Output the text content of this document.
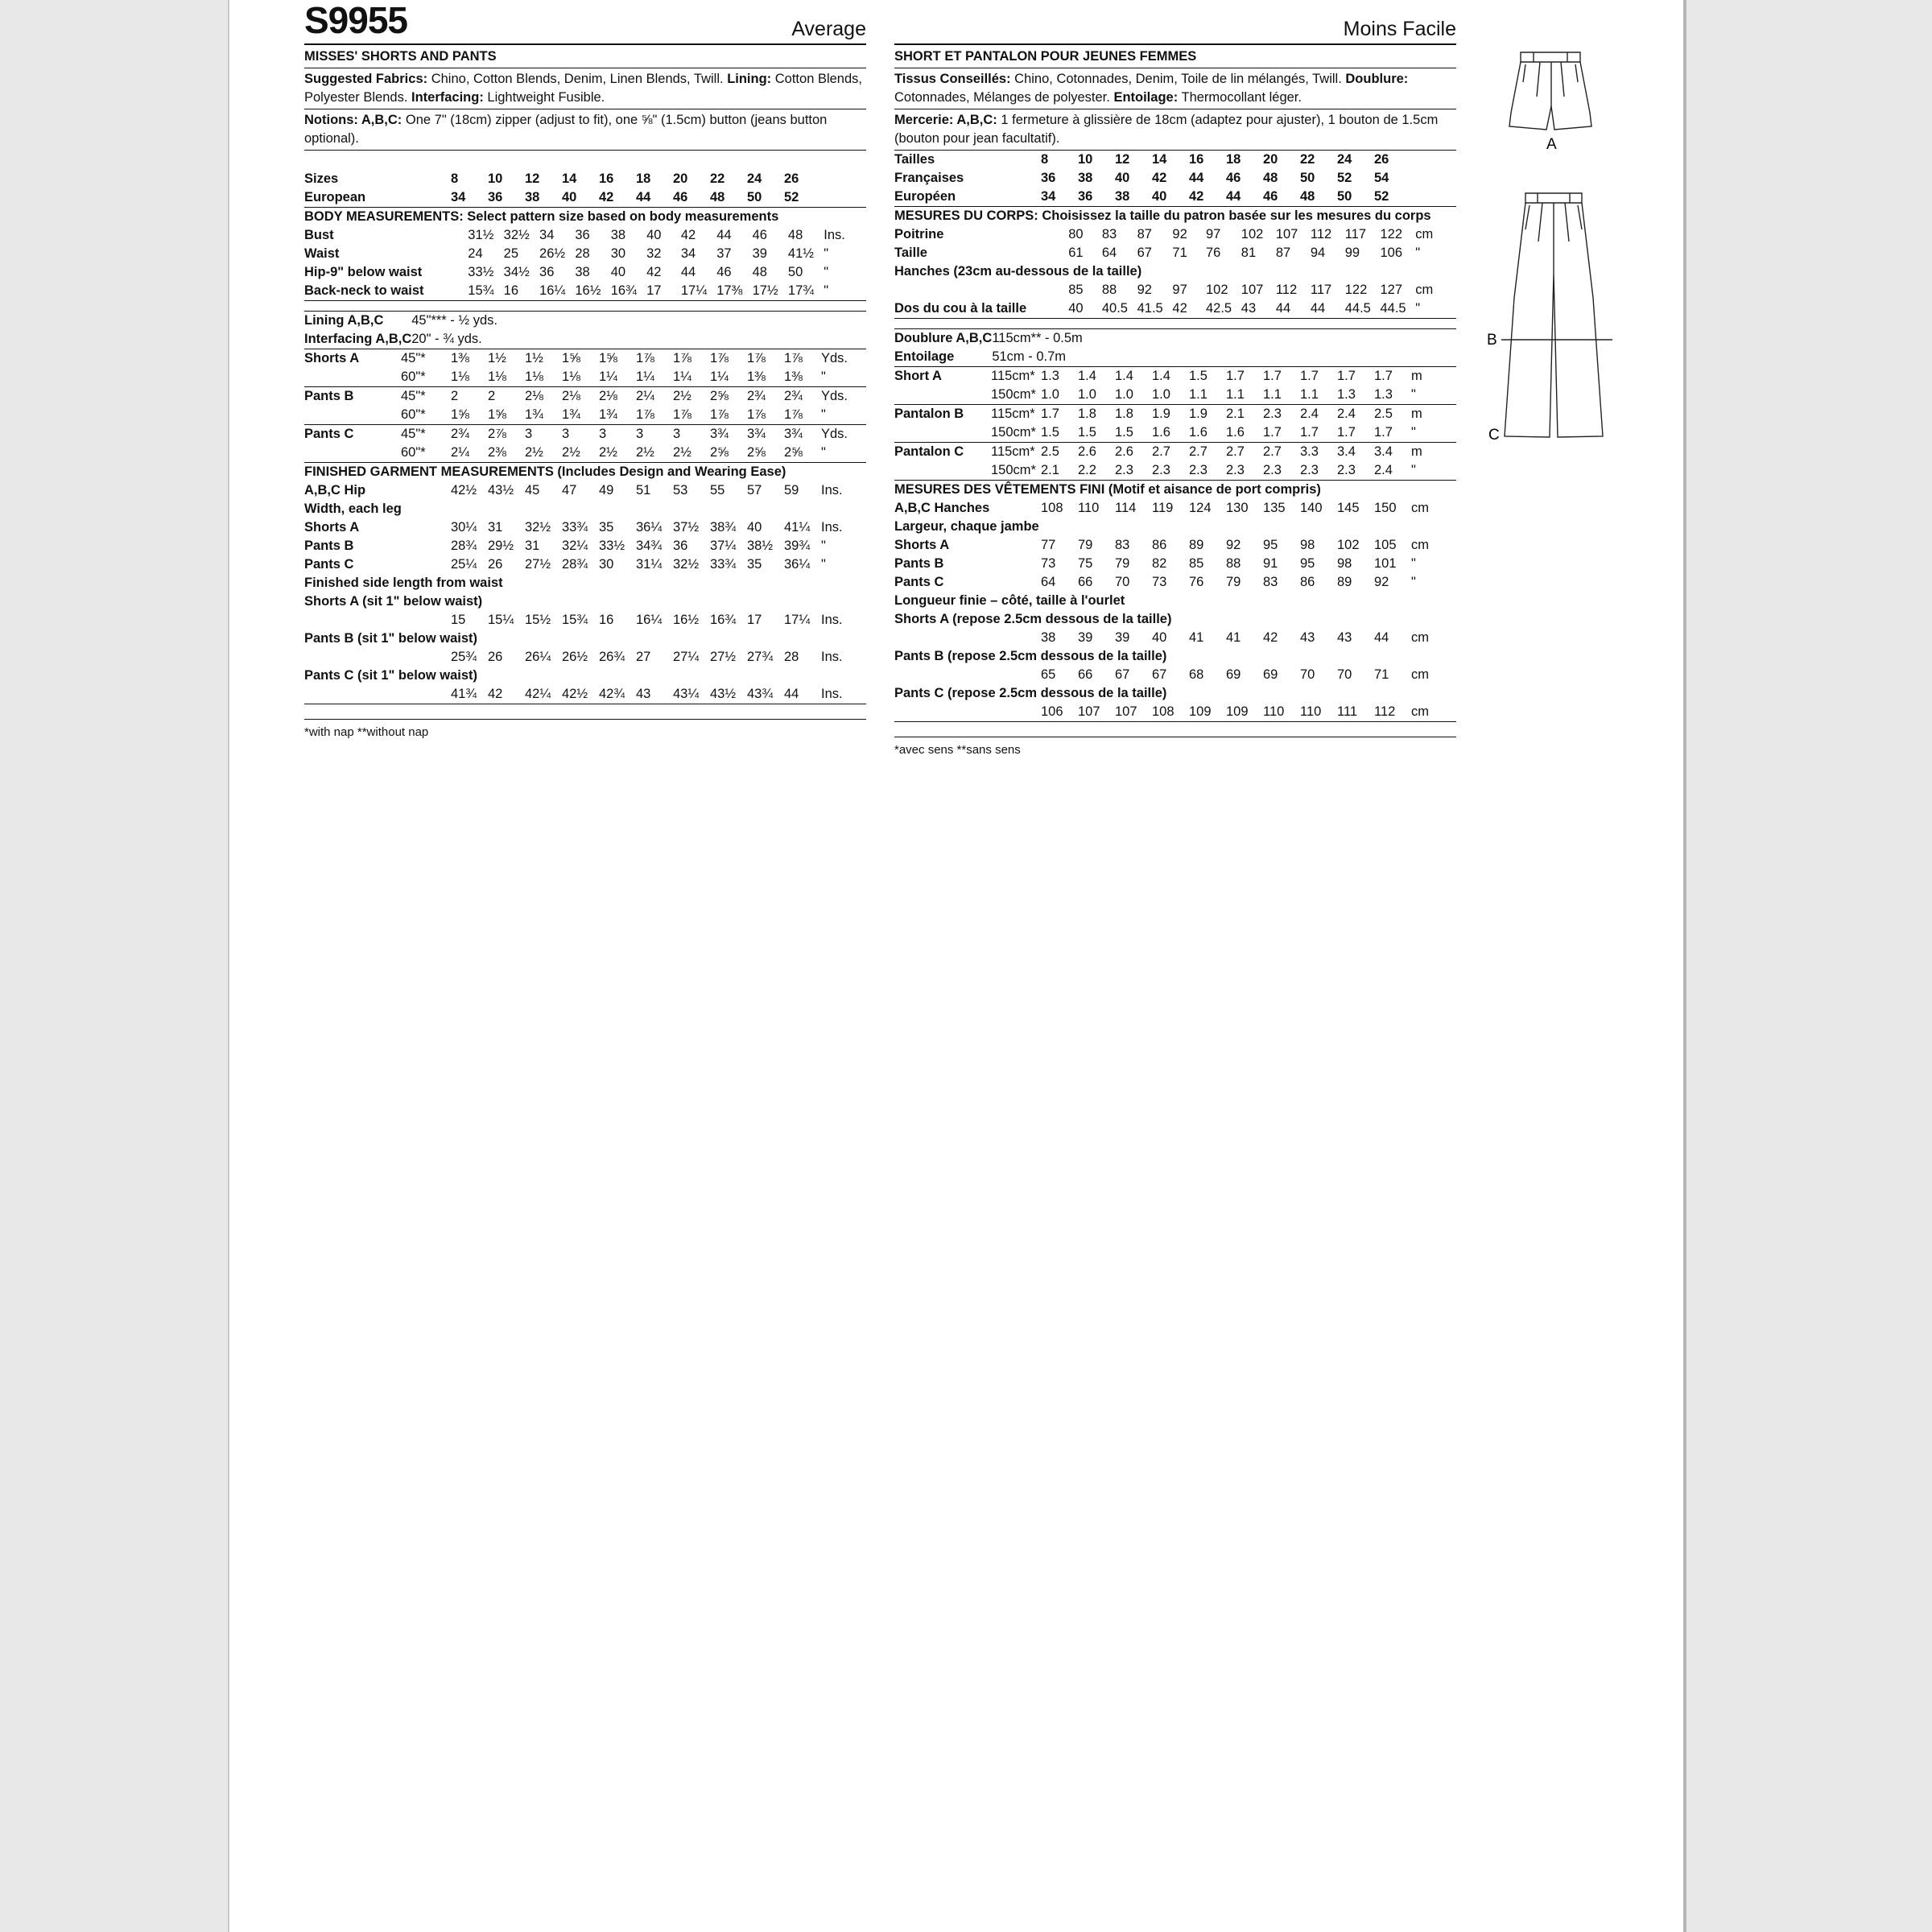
S9955	Average
MISSES' SHORTS AND PANTS
Suggested Fabrics: Chino, Cotton Blends, Denim, Linen Blends, Twill. Lining: Cotton Blends, Polyester Blends. Interfacing: Lightweight Fusible.
Notions: A,B,C: One 7" (18cm) zipper (adjust to fit), one ⅝" (1.5cm) button (jeans button optional).
Sizes		8	10	12	14	16	18	20	22	24	26	
European		34	36	38	40	42	44	46	48	50	52	
BODY MEASUREMENTS: Select pattern size based on body measurements												
Bust		31½	32½	34	36	38	40	42	44	46	48	Ins.
Waist		24	25	26½	28	30	32	34	37	39	41½	"
Hip-9" below waist		33½	34½	36	38	40	42	44	46	48	50	"
Back-neck to waist		15¾	16	16¼	16½	16¾	17	17¼	17⅜	17½	17¾	"
Lining A,B,C	45"*** - ½ yds.
Interfacing A,B,C	20" - ¾ yds.
Shorts A	45"*	1⅜	1½	1½	1⅝	1⅝	1⅞	1⅞	1⅞	1⅞	1⅞	Yds.
	60"*	1⅛	1⅛	1⅛	1⅛	1¼	1¼	1¼	1¼	1⅜	1⅜	"
Pants B	45"*	2	2	2⅛	2⅛	2⅛	2¼	2½	2⅝	2¾	2¾	Yds.
	60"*	1⅝	1⅝	1¾	1¾	1¾	1⅞	1⅞	1⅞	1⅞	1⅞	"
Pants C	45"*	2¾	2⅞	3	3	3	3	3	3¾	3¾	3¾	Yds.
	60"*	2¼	2⅜	2½	2½	2½	2½	2½	2⅝	2⅝	2⅝	"
FINISHED GARMENT MEASUREMENTS (Includes Design and Wearing Ease)												
A,B,C Hip		42½	43½	45	47	49	51	53	55	57	59	Ins.
Width, each leg												
Shorts A		30¼	31	32½	33¾	35	36¼	37½	38¾	40	41¼	Ins.
Pants B		28¾	29½	31	32¼	33½	34¾	36	37¼	38½	39¾	"
Pants C		25¼	26	27½	28¾	30	31¼	32½	33¾	35	36¼	"
Finished side length from waist												
Shorts A (sit 1" below waist)												
		15	15¼	15½	15¾	16	16¼	16½	16¾	17	17¼	Ins.
Pants B (sit 1" below waist)												
		25¾	26	26¼	26½	26¾	27	27¼	27½	27¾	28	Ins.
Pants C (sit 1" below waist)												
		41¾	42	42¼	42½	42¾	43	43¼	43½	43¾	44	Ins.
*with nap **without nap
Moins Facile
SHORT ET PANTALON POUR JEUNES FEMMES
Tissus Conseillés: Chino, Cotonnades, Denim, Toile de lin mélangés, Twill. Doublure: Cotonnades, Mélanges de polyester. Entoilage: Thermocollant léger.
Mercerie: A,B,C: 1 fermeture à glissière de 18cm (adaptez pour ajuster), 1 bouton de 1.5cm (bouton pour jean facultatif).
Tailles		8	10	12	14	16	18	20	22	24	26	
Françaises		36	38	40	42	44	46	48	50	52	54	
Européen		34	36	38	40	42	44	46	48	50	52	
MESURES DU CORPS: Choisissez la taille du patron basée sur les mesures du corps												
Poitrine		80	83	87	92	97	102	107	112	117	122	cm
Taille		61	64	67	71	76	81	87	94	99	106	"
Hanches (23cm au-dessous de la taille)												
		85	88	92	97	102	107	112	117	122	127	cm
Dos du cou à la taille		40	40.5	41.5	42	42.5	43	44	44	44.5	44.5	"
Doublure A,B,C	115cm** - 0.5m
Entoilage	51cm - 0.7m
Short A	115cm*	1.3	1.4	1.4	1.4	1.5	1.7	1.7	1.7	1.7	1.7	m
	150cm*	1.0	1.0	1.0	1.0	1.1	1.1	1.1	1.1	1.3	1.3	"
Pantalon B	115cm*	1.7	1.8	1.8	1.9	1.9	2.1	2.3	2.4	2.4	2.5	m
	150cm*	1.5	1.5	1.5	1.6	1.6	1.6	1.7	1.7	1.7	1.7	"
Pantalon C	115cm*	2.5	2.6	2.6	2.7	2.7	2.7	2.7	3.3	3.4	3.4	m
	150cm*	2.1	2.2	2.3	2.3	2.3	2.3	2.3	2.3	2.3	2.4	"
MESURES DES VÊTEMENTS FINI (Motif et aisance de port compris)												
A,B,C Hanches		108	110	114	119	124	130	135	140	145	150	cm
Largeur, chaque jambe												
Shorts A		77	79	83	86	89	92	95	98	102	105	cm
Pants B		73	75	79	82	85	88	91	95	98	101	"
Pants C		64	66	70	73	76	79	83	86	89	92	"
Longueur finie – côté, taille à l'ourlet												
Shorts A (repose 2.5cm dessous de la taille)												
		38	39	39	40	41	41	42	43	43	44	cm
Pants B (repose 2.5cm dessous de la taille)												
		65	66	67	67	68	69	69	70	70	71	cm
Pants C (repose 2.5cm dessous de la taille)												
		106	107	107	108	109	109	110	110	111	112	cm
*avec sens **sans sens
A
B
C
